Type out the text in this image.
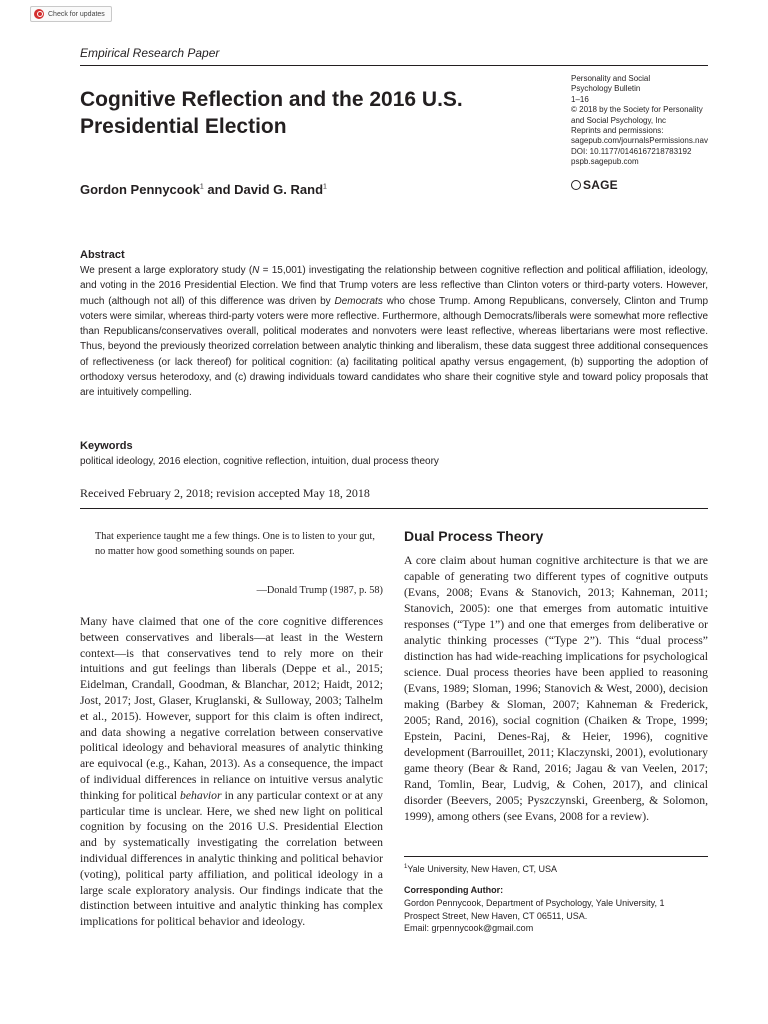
Check for updates
Empirical Research Paper
Cognitive Reflection and the 2016 U.S. Presidential Election
Personality and Social
Psychology Bulletin
1–16
© 2018 by the Society for Personality
and Social Psychology, Inc
Reprints and permissions:
sagepub.com/journalsPermissions.nav
DOI: 10.1177/0146167218783192
pspb.sagepub.com
SAGE
Gordon Pennycook$^1$ and David G. Rand$^1$
Abstract

We present a large exploratory study (N = 15,001) investigating the relationship between cognitive reflection and political affiliation, ideology, and voting in the 2016 Presidential Election. We find that Trump voters are less reflective than Clinton voters or third-party voters. However, much (although not all) of this difference was driven by Democrats who chose Trump. Among Republicans, conversely, Clinton and Trump voters were similar, whereas third-party voters were more reflective. Furthermore, although Democrats/liberals were somewhat more reflective than Republicans/conservatives overall, political moderates and nonvoters were least reflective, whereas libertarians were most reflective. Thus, beyond the previously theorized correlation between analytic thinking and liberalism, these data suggest three additional consequences of reflectiveness (or lack thereof) for political cognition: (a) facilitating political apathy versus engagement, (b) supporting the adoption of orthodoxy versus heterodoxy, and (c) drawing individuals toward candidates who share their cognitive style and toward policy proposals that are intuitively compelling.

Keywords
political ideology, 2016 election, cognitive reflection, intuition, dual process theory
Received February 2, 2018; revision accepted May 18, 2018

That experience taught me a few things. One is to listen to your gut, no matter how good something sounds on paper.

—Donald Trump (1987, p. 58)

Many have claimed that one of the core cognitive differences between conservatives and liberals—at least in the Western context—is that conservatives tend to rely more on their intuitions and gut feelings than liberals (Deppe et al., 2015; Eidelman, Crandall, Goodman, & Blanchar, 2012; Haidt, 2012; Jost, 2017; Jost, Glaser, Kruglanski, & Sulloway, 2003; Talhelm et al., 2015). However, support for this claim is often indirect, and data showing a negative correlation between conservative political ideology and behavioral measures of analytic thinking are equivocal (e.g., Kahan, 2013). As a consequence, the impact of individual differences in reliance on intuitive versus analytic thinking for political behavior in any particular context or at any particular time is unclear. Here, we shed new light on political cognition by focusing on the 2016 U.S. Presidential Election and by systematically investigating the correlation between individual differences in analytic thinking and political behavior (voting), political party affiliation, and political ideology in a large scale exploratory analysis. Our findings indicate that the distinction between intuitive and analytic thinking has complex implications for political behavior and ideology.

Dual Process Theory

A core claim about human cognitive architecture is that we are capable of generating two different types of cognitive outputs (Evans, 2008; Evans & Stanovich, 2013; Kahneman, 2011; Stanovich, 2005): one that emerges from automatic intuitive responses (“Type 1”) and one that emerges from deliberative or analytic thinking processes (“Type 2”). This “dual process” distinction has had wide-reaching implications for psychological science. Dual process theories have been applied to reasoning (Evans, 1989; Sloman, 1996; Stanovich & West, 2000), decision making (Barbey & Sloman, 2007; Kahneman & Frederick, 2005; Rand, 2016), social cognition (Chaiken & Trope, 1999; Epstein, Pacini, Denes-Raj, & Heier, 1996), cognitive development (Barrouillet, 2011; Klaczynski, 2001), evolutionary game theory (Bear & Rand, 2016; Jagau & van Veelen, 2017; Rand, Tomlin, Bear, Ludvig, & Cohen, 2017), and clinical disorder (Beevers, 2005; Pyszczynski, Greenberg, & Solomon, 1999), among others (see Evans, 2008 for a review).

$^1$Yale University, New Haven, CT, USA
Corresponding Author:
Gordon Pennycook, Department of Psychology, Yale University, 1
Prospect Street, New Haven, CT 06511, USA.
Email: grpennycook@gmail.com
